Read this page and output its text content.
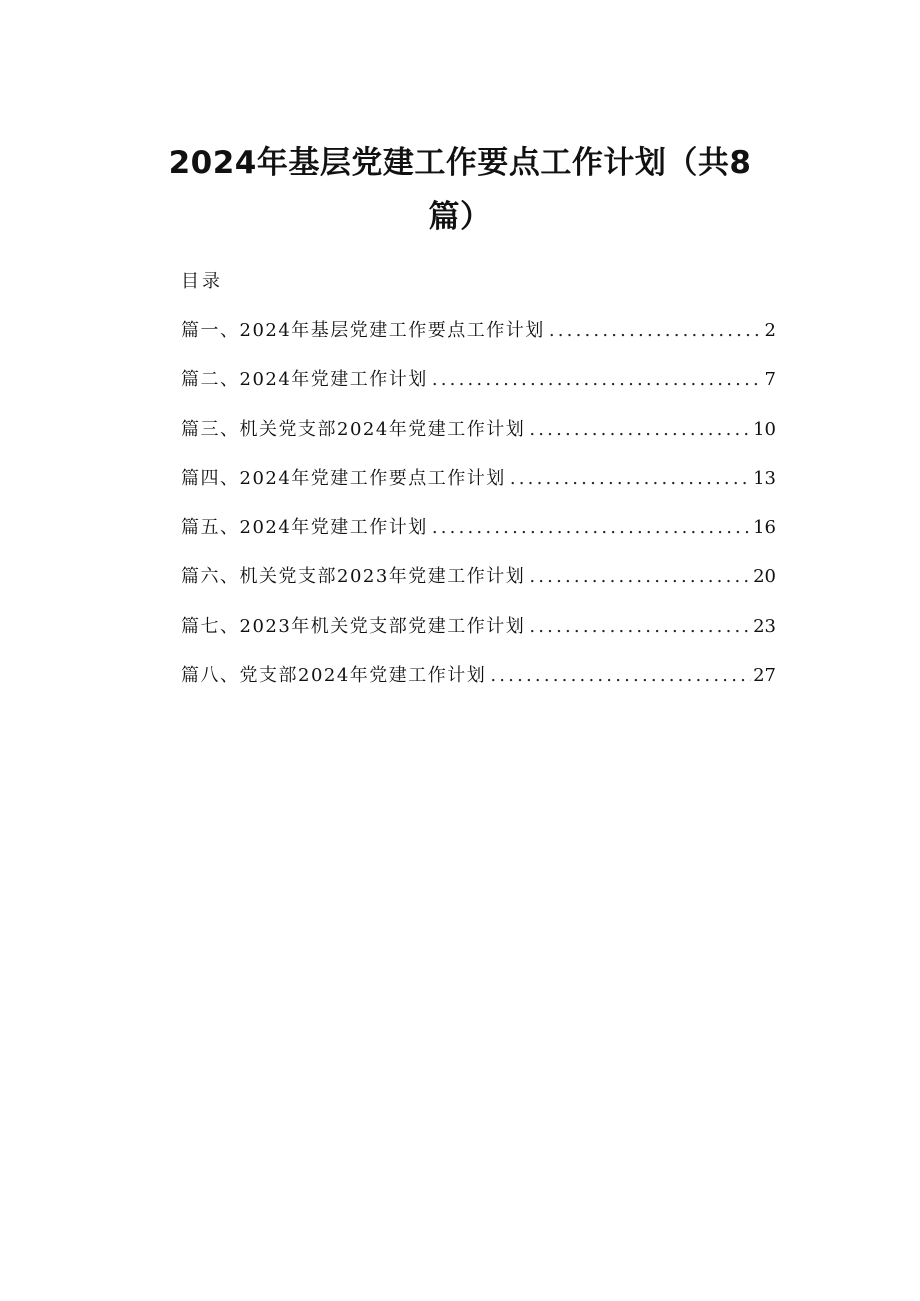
2024年基层党建工作要点工作计划（共8篇）
目录
篇一、2024年基层党建工作要点工作计划 .....	2
篇二、2024年党建工作计划 .....	7
篇三、机关党支部2024年党建工作计划 .....	10
篇四、2024年党建工作要点工作计划 .....	13
篇五、2024年党建工作计划 .....	16
篇六、机关党支部2023年党建工作计划 .....	20
篇七、2023年机关党支部党建工作计划 .....	23
篇八、党支部2024年党建工作计划 .....	27
